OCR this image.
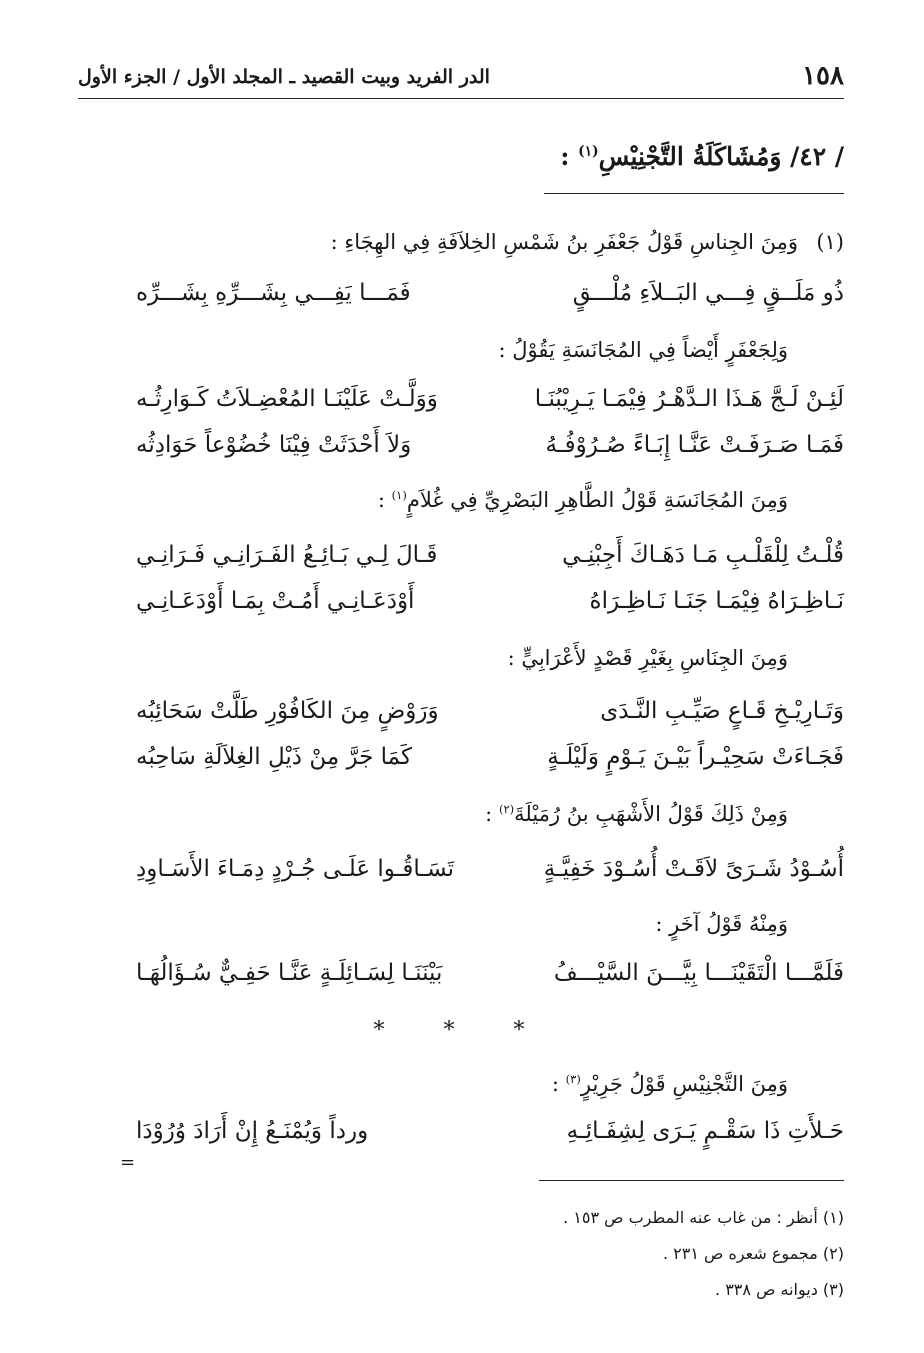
١٥٨
الدر الفريد وبيت القصيد ـ المجلد الأول / الجزء الأول
/ ٤٢/ وَمُشَاكَلَةُ التَّجْنِيْسِ$^{(١)}$ :
(١)
وَمِنَ الجِناسِ قَوْلُ جَعْفَرِ بنُ شَمْسِ الخِلاَفَةِ فِي الهِجَاءِ :
ذُو مَلَــقٍ فِـــي البَــلاَءِ مُلْـــقٍ
فَمَـــا يَفِـــي بِشَـــرِّهِ بِشَـــرِّه
وَلِجَعْفَرٍ أَيْضاً فِي المُجَانَسَةِ يَقُوْلُ :
لَئِـنْ لَـجَّ هَـذَا الـدَّهْـرُ فِيْمَـا يَـرِيْبُنَـا
وَوَلَّـتْ عَلَيْنَـا المُعْضِـلاَتُ كَـوَارِثُـه
فَمَـا صَـرَفَـتْ عَنَّـا إِبَـاءً صُـرُوْفُـهُ
وَلاَ أَحْدَثَتْ فِيْنَا خُضُوْعاً حَوَادِثُه
وَمِنَ المُجَانَسَةِ قَوْلُ الطَّاهِرِ البَصْرِيِّ فِي غُلاَمٍ$^{(١)}$ :
قُلْـتُ لِلْقَلْـبِ مَـا دَهَـاكَ أَجِبْنِـي
قَـالَ لِـي بَـائِـعُ الفَـرَانِـي فَـرَانِـي
نَـاظِـرَاهُ فِيْمَـا جَنَـا نَـاظِـرَاهُ
أَوْدَعَـانِـي أَمُـتْ بِمَـا أَوْدَعَـانِـي
وَمِنَ الجِنَاسِ بِغَيْرِ قَصْدٍ لأَعْرَابِيٍّ :
وَتَـارِيْـخِ قَـاعٍ صَيِّـبِ النَّـدَى
وَرَوْضٍ مِنَ الكَافُوْرِ طَلَّتْ سَحَائِبُه
فَجَـاءَتْ سَحِيْـراً بَيْـنَ يَـوْمٍ وَلَيْلَـةٍ
كَمَا جَرَّ مِنْ ذَيْلِ الغِلاَلَةِ سَاحِبُه
وَمِنْ ذَلِكَ قَوْلُ الأَشْهَبِ بنُ رُمَيْلَةَ$^{(٢)}$ :
أُسُـوْدُ شَـرَىً لاَقَـتْ أُسُـوْدَ خَفِيَّـةٍ
تَسَـاقُـوا عَلَـى جُـرْدٍ دِمَـاءَ الأَسَـاوِدِ
وَمِنْهُ قَوْلُ آخَرٍ :
فَلَمَّـــا الْتَقَيْنَـــا بِيَّـــنَ السَّيْـــفُ
بَيْنَنَـا لِسَـائِلَـةٍ عَنَّـا حَفِـيٌّ سُـؤَالُهَـا
* * *
وَمِنَ التَّجْنِيْسِ قَوْلُ جَرِيْرٍ$^{(٣)}$ :
حَـلأَتِ ذَا سَقْـمٍ يَـرَى لِشِفَـائِـهِ
ورداً وَيُمْنَـعُ إِنْ أَرَادَ وُرُوْدَا
=
(١) أنظر : من غاب عنه المطرب ص ١٥٣ .
(٢) مجموع شعره ص ٢٣١ .
(٣) ديوانه ص ٣٣٨ .
